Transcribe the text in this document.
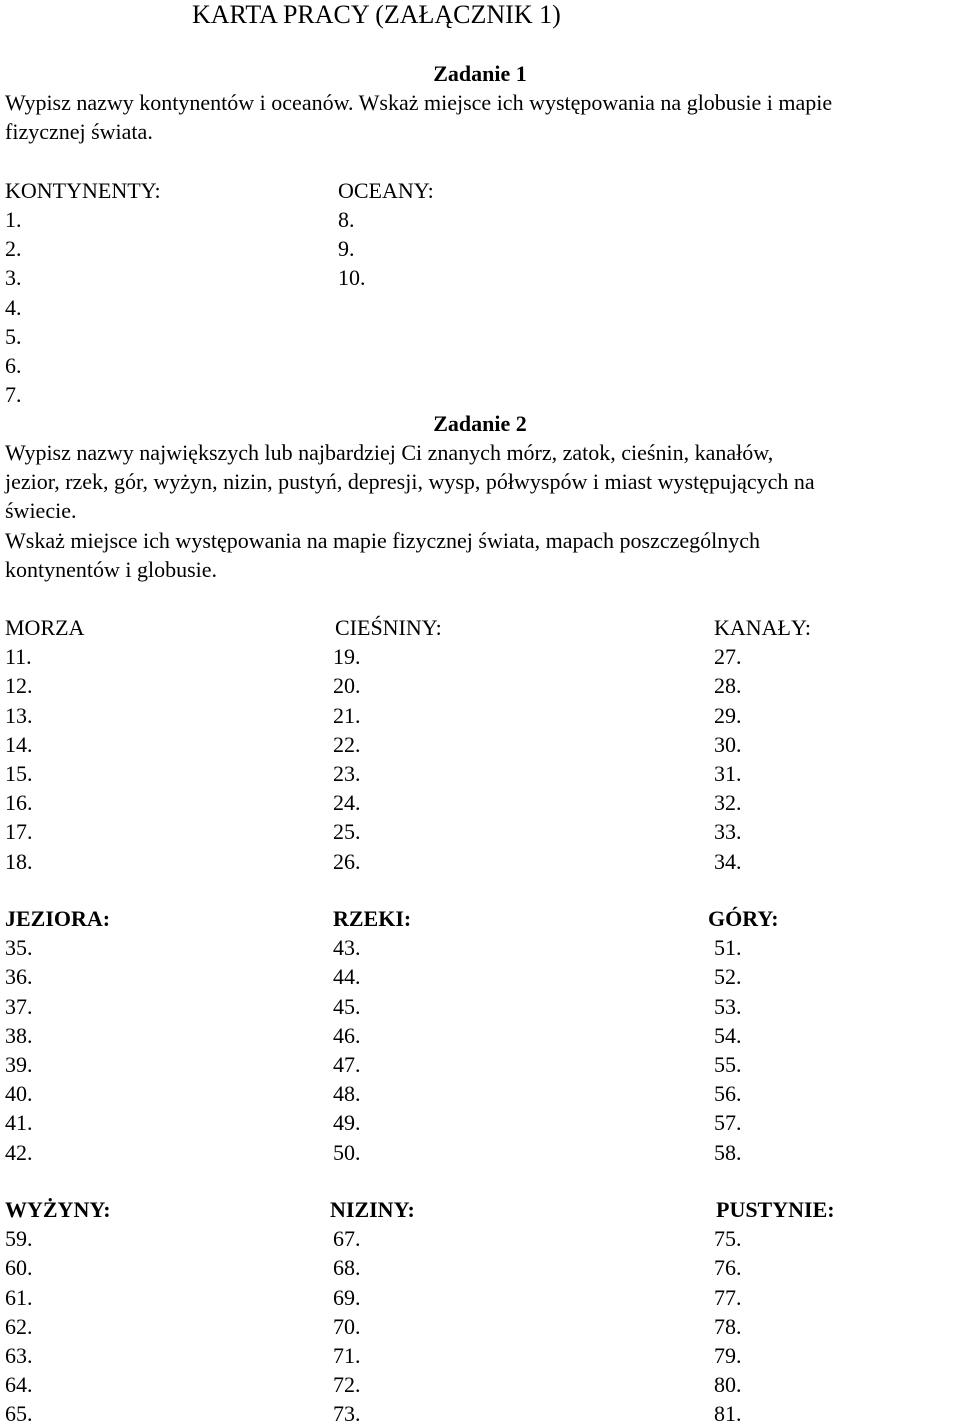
KARTA PRACY (ZAŁĄCZNIK 1)
Zadanie 1
Wypisz nazwy kontynentów i oceanów. Wskaż miejsce ich występowania na globusie i mapie
fizycznej świata.
KONTYNENTY:	OCEANY:
1.
2.
3.
4.
5.
6.
7.
8.
9.
10.
Zadanie 2
Wypisz nazwy największych lub najbardziej Ci znanych mórz, zatok, cieśnin, kanałów,
jezior, rzek, gór, wyżyn, nizin, pustyń, depresji, wysp, półwyspów i miast występujących na
świecie.
Wskaż miejsce ich występowania na mapie fizycznej świata, mapach poszczególnych
kontynentów i globusie.
MORZA
11.
12.
13.
14.
15.
16.
17.
18.
CIEŚNINY:
19.
20.
21.
22.
23.
24.
25.
26.
KANAŁY:
27.
28.
29.
30.
31.
32.
33.
34.
JEZIORA:
35.
36.
37.
38.
39.
40.
41.
42.
RZEKI:
43.
44.
45.
46.
47.
48.
49.
50.
GÓRY:
51.
52.
53.
54.
55.
56.
57.
58.
WYŻYNY:
59.
60.
61.
62.
63.
64.
65.
NIZINY:
67.
68.
69.
70.
71.
72.
73.
PUSTYNIE:
75.
76.
77.
78.
79.
80.
81.
